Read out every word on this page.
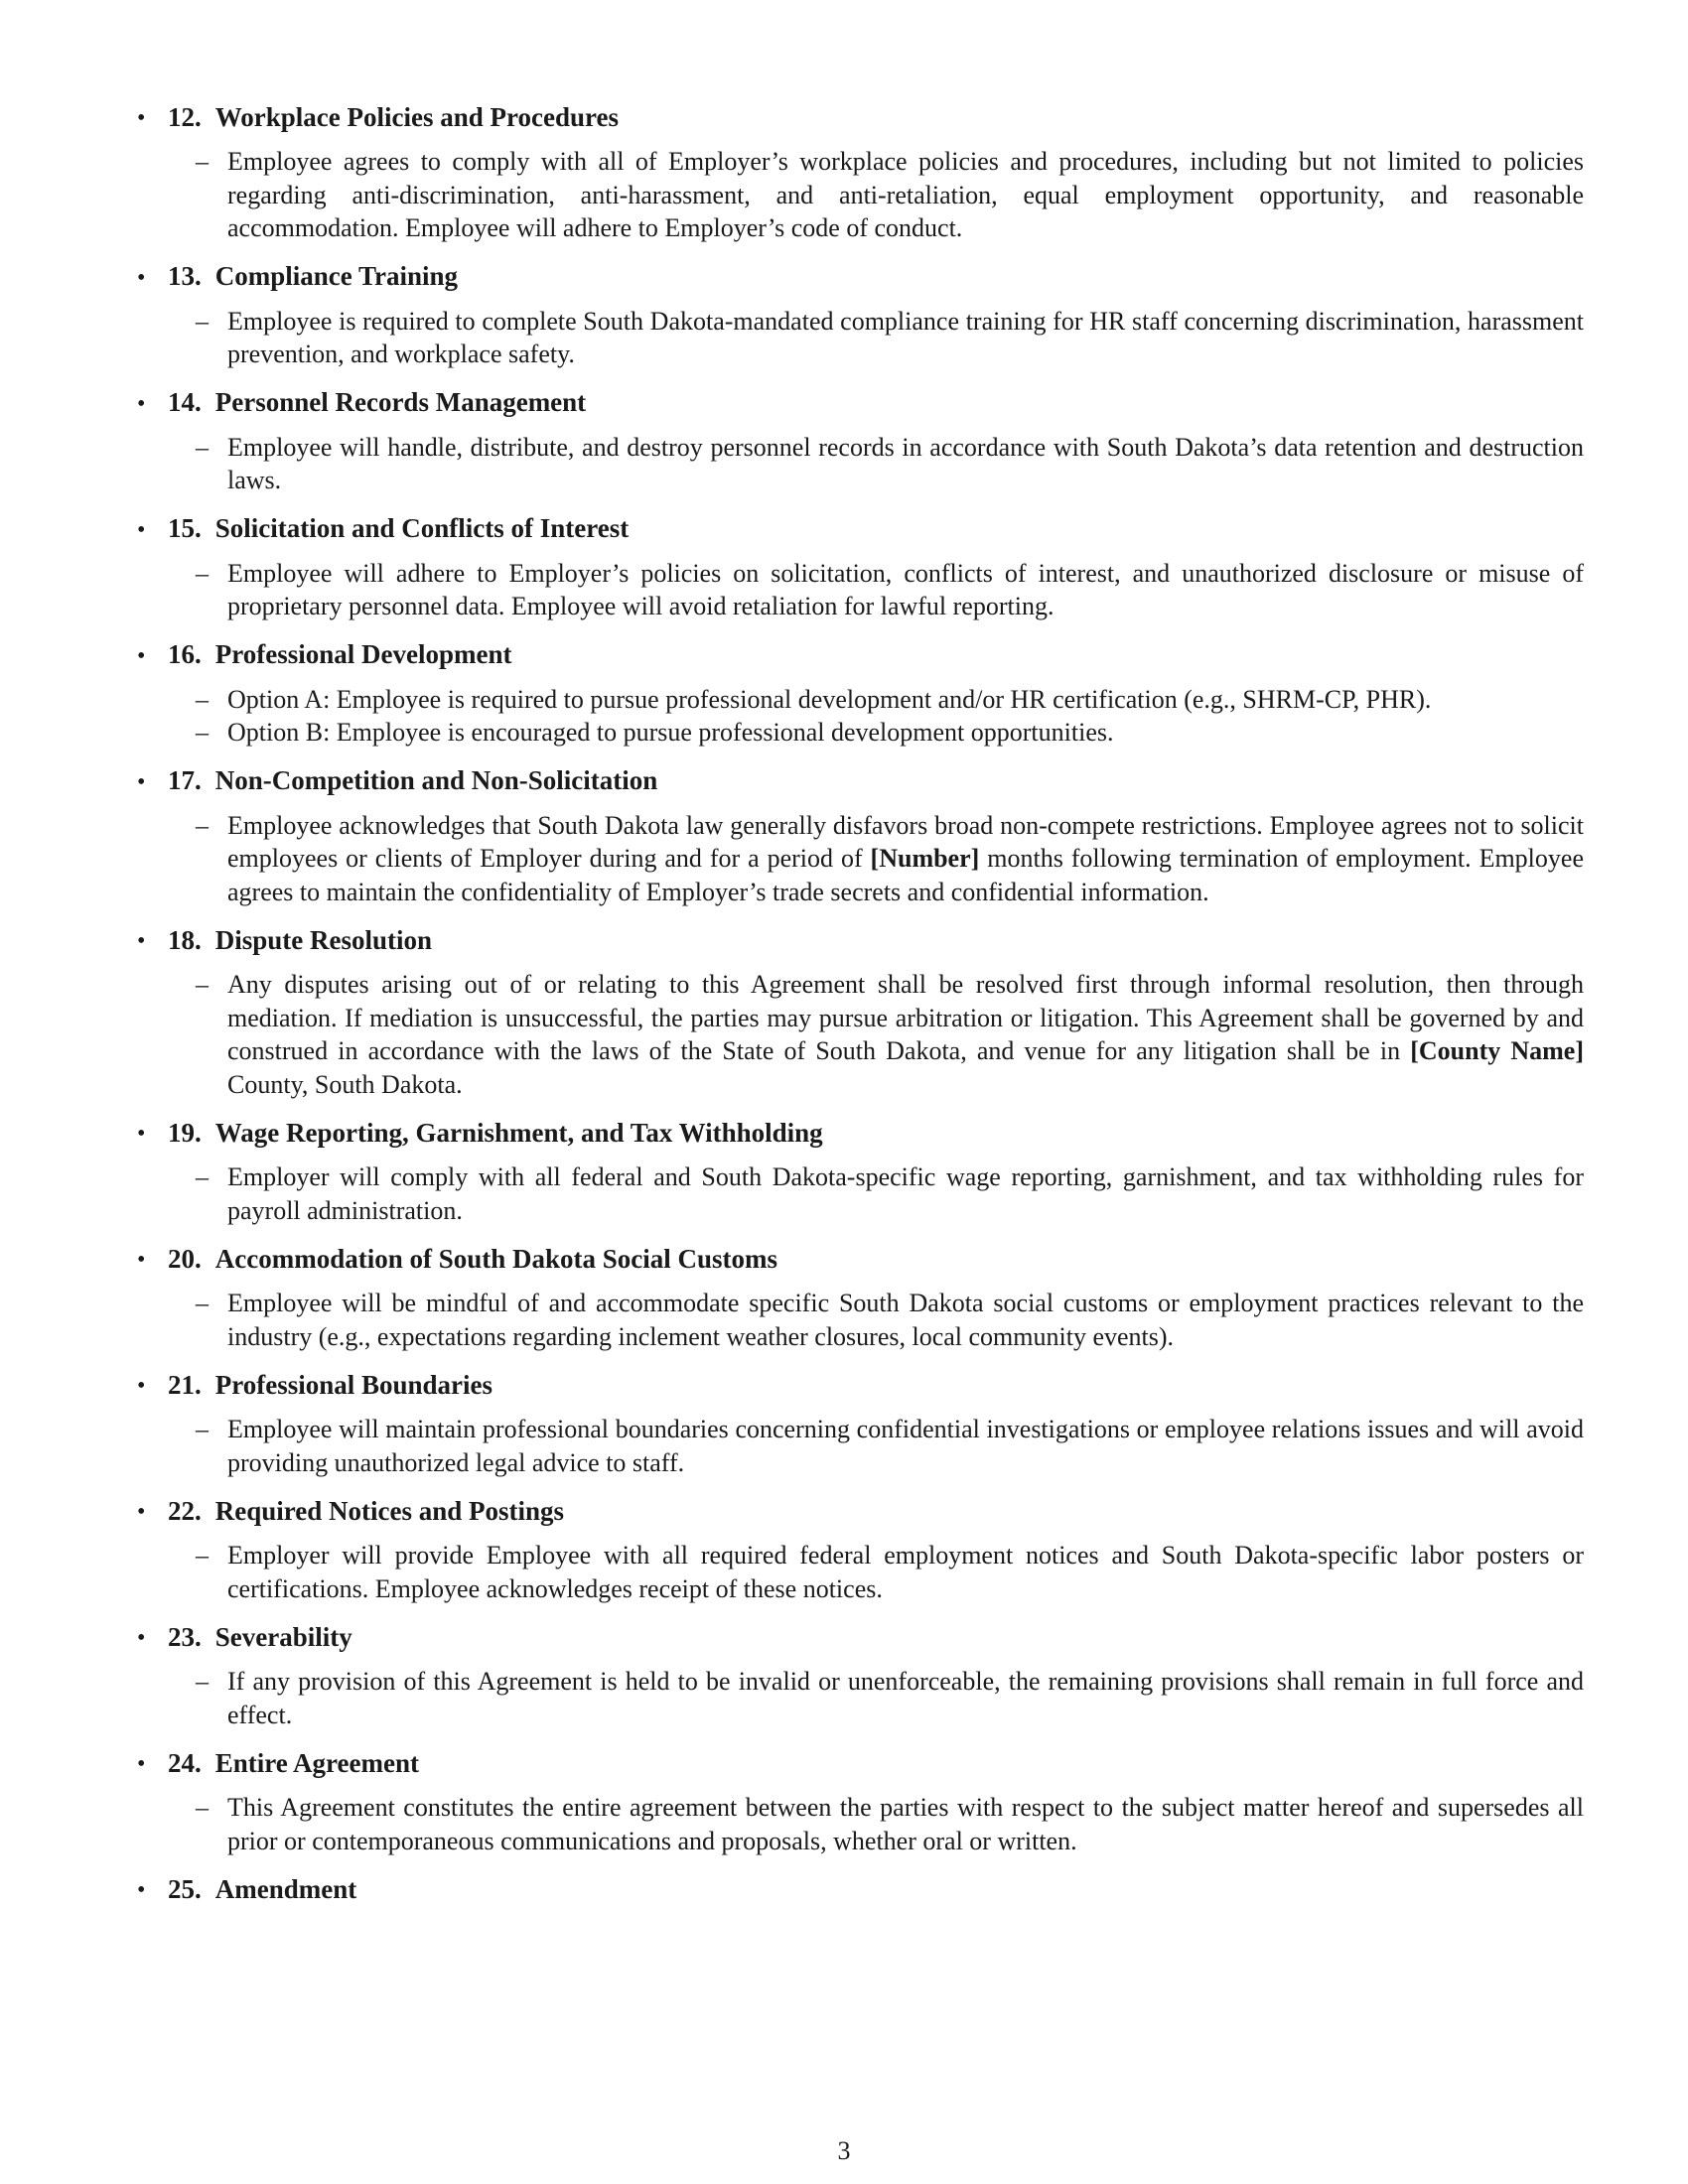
• 12. Workplace Policies and Procedures
– Employee agrees to comply with all of Employer’s workplace policies and procedures, including but not limited to policies regarding anti-discrimination, anti-harassment, and anti-retaliation, equal employment opportunity, and reasonable accommodation. Employee will adhere to Employer’s code of conduct.
• 13. Compliance Training
– Employee is required to complete South Dakota-mandated compliance training for HR staff concerning discrimination, harassment prevention, and workplace safety.
• 14. Personnel Records Management
– Employee will handle, distribute, and destroy personnel records in accordance with South Dakota’s data retention and destruction laws.
• 15. Solicitation and Conflicts of Interest
– Employee will adhere to Employer’s policies on solicitation, conflicts of interest, and unauthorized disclosure or misuse of proprietary personnel data. Employee will avoid retaliation for lawful reporting.
• 16. Professional Development
– Option A: Employee is required to pursue professional development and/or HR certification (e.g., SHRM-CP, PHR).
– Option B: Employee is encouraged to pursue professional development opportunities.
• 17. Non-Competition and Non-Solicitation
– Employee acknowledges that South Dakota law generally disfavors broad non-compete restrictions. Employee agrees not to solicit employees or clients of Employer during and for a period of [Number] months following termination of employment. Employee agrees to maintain the confidentiality of Employer’s trade secrets and confidential information.
• 18. Dispute Resolution
– Any disputes arising out of or relating to this Agreement shall be resolved first through informal resolution, then through mediation. If mediation is unsuccessful, the parties may pursue arbitration or litigation. This Agreement shall be governed by and construed in accordance with the laws of the State of South Dakota, and venue for any litigation shall be in [County Name] County, South Dakota.
• 19. Wage Reporting, Garnishment, and Tax Withholding
– Employer will comply with all federal and South Dakota-specific wage reporting, garnishment, and tax withholding rules for payroll administration.
• 20. Accommodation of South Dakota Social Customs
– Employee will be mindful of and accommodate specific South Dakota social customs or employment practices relevant to the industry (e.g., expectations regarding inclement weather closures, local community events).
• 21. Professional Boundaries
– Employee will maintain professional boundaries concerning confidential investigations or employee relations issues and will avoid providing unauthorized legal advice to staff.
• 22. Required Notices and Postings
– Employer will provide Employee with all required federal employment notices and South Dakota-specific labor posters or certifications. Employee acknowledges receipt of these notices.
• 23. Severability
– If any provision of this Agreement is held to be invalid or unenforceable, the remaining provisions shall remain in full force and effect.
• 24. Entire Agreement
– This Agreement constitutes the entire agreement between the parties with respect to the subject matter hereof and supersedes all prior or contemporaneous communications and proposals, whether oral or written.
• 25. Amendment
3
